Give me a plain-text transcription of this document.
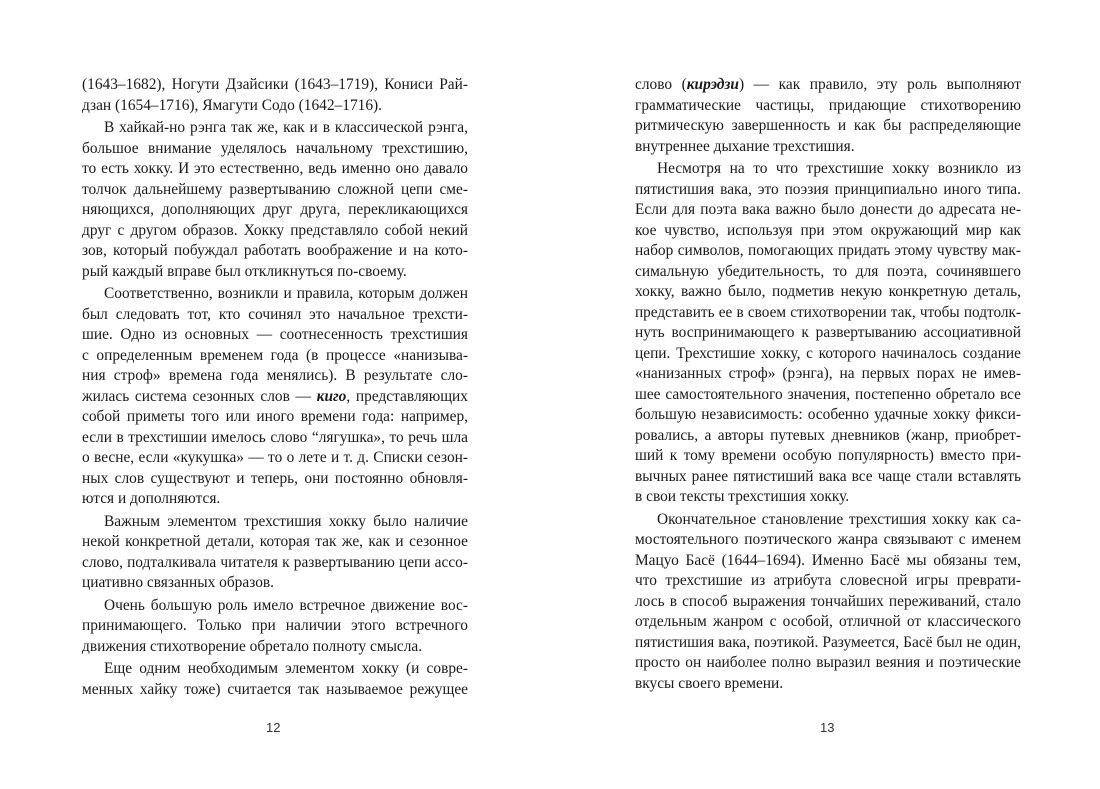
(1643–1682), Ногути Дзайсики (1643–1719), Кониси Рай-
дзан (1654–1716), Ямагути Содо (1642–1716).
В хайкай-но рэнга так же, как и в классической рэнга,
большое внимание уделялось начальному трехстишию,
то есть хокку. И это естественно, ведь именно оно давало
толчок дальнейшему развертыванию сложной цепи сме-
няющихся, дополняющих друг друга, перекликающихся
друг с другом образов. Хокку представляло собой некий
зов, который побуждал работать воображение и на кото-
рый каждый вправе был откликнуться по-своему.
Соответственно, возникли и правила, которым должен
был следовать тот, кто сочинял это начальное трехсти-
шие. Одно из основных — соотнесенность трехстишия
с определенным временем года (в процессе «нанизыва-
ния строф» времена года менялись). В результате сло-
жилась система сезонных слов — киго, представляющих
собой приметы того или иного времени года: например,
если в трехстишии имелось слово “лягушка», то речь шла
о весне, если «кукушка» — то о лете и т. д. Списки сезон-
ных слов существуют и теперь, они постоянно обновля-
ются и дополняются.
Важным элементом трехстишия хокку было наличие
некой конкретной детали, которая так же, как и сезонное
слово, подталкивала читателя к развертыванию цепи ассо-
циативно связанных образов.
Очень большую роль имело встречное движение вос-
принимающего. Только при наличии этого встречного
движения стихотворение обретало полноту смысла.
Еще одним необходимым элементом хокку (и совре-
менных хайку тоже) считается так называемое режущее
слово (кирэдзи) — как правило, эту роль выполняют
грамматические частицы, придающие стихотворению
ритмическую завершенность и как бы распределяющие
внутреннее дыхание трехстишия.
Несмотря на то что трехстишие хокку возникло из
пятистишия вака, это поэзия принципиально иного типа.
Если для поэта вака важно было донести до адресата не-
кое чувство, используя при этом окружающий мир как
набор символов, помогающих придать этому чувству мак-
симальную убедительность, то для поэта, сочинявшего
хокку, важно было, подметив некую конкретную деталь,
представить ее в своем стихотворении так, чтобы подтолк-
нуть воспринимающего к развертыванию ассоциативной
цепи. Трехстишие хокку, с которого начиналось создание
«нанизанных строф» (рэнга), на первых порах не имев-
шее самостоятельного значения, постепенно обретало все
большую независимость: особенно удачные хокку фикси-
ровались, а авторы путевых дневников (жанр, приобрет-
ший к тому времени особую популярность) вместо при-
вычных ранее пятистиший вака все чаще стали вставлять
в свои тексты трехстишия хокку.
Окончательное становление трехстишия хокку как са-
мостоятельного поэтического жанра связывают с именем
Мацуо Басё (1644–1694). Именно Басё мы обязаны тем,
что трехстишие из атрибута словесной игры преврати-
лось в способ выражения тончайших переживаний, стало
отдельным жанром с особой, отличной от классического
пятистишия вака, поэтикой. Разумеется, Басё был не один,
просто он наиболее полно выразил веяния и поэтические
вкусы своего времени.
12	13
